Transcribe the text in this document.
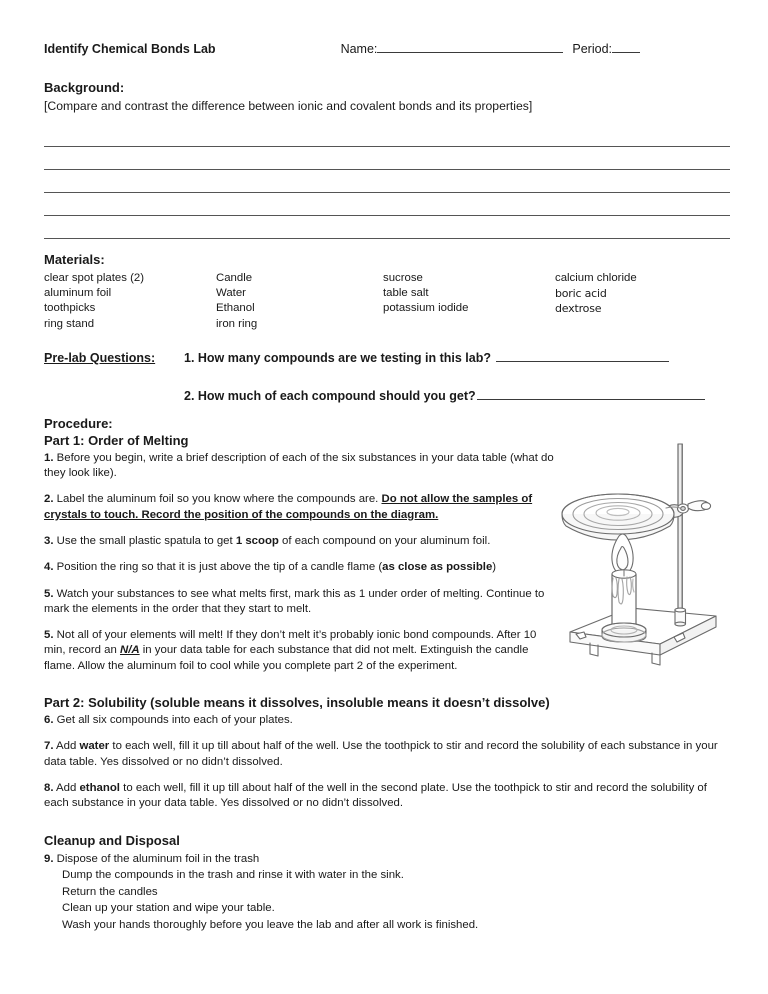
Identify Chemical Bonds Lab	Name:	Period:
Background:
[Compare and contrast the difference between ionic and covalent bonds and its properties]
Materials:
clear spot plates (2)	Candle	sucrose	calcium chloride
aluminum foil	Water	table salt	boric acid
toothpicks	Ethanol	potassium iodide	dextrose
ring stand	iron ring
Pre-lab Questions:	1. How many compounds are we testing in this lab?
2. How much of each compound should you get?
Procedure:
Part 1: Order of Melting
1. Before you begin, write a brief description of each of the six substances in your data table (what do they look like).
2. Label the aluminum foil so you know where the compounds are. Do not allow the samples of crystals to touch. Record the position of the compounds on the diagram.
3. Use the small plastic spatula to get 1 scoop of each compound on your aluminum foil.
4. Position the ring so that it is just above the tip of a candle flame (as close as possible)
5. Watch your substances to see what melts first, mark this as 1 under order of melting. Continue to mark the elements in the order that they start to melt.
5. Not all of your elements will melt! If they don’t melt it’s probably ionic bond compounds. After 10 min, record an N/A in your data table for each substance that did not melt. Extinguish the candle flame. Allow the aluminum foil to cool while you complete part 2 of the experiment.
Part 2: Solubility (soluble means it dissolves, insoluble means it doesn’t dissolve)
6. Get all six compounds into each of your plates.
7. Add water to each well, fill it up till about half of the well. Use the toothpick to stir and record the solubility of each substance in your data table. Yes dissolved or no didn’t dissolved.
8. Add ethanol to each well, fill it up till about half of the well in the second plate. Use the toothpick to stir and record the solubility of each substance in your data table. Yes dissolved or no didn’t dissolved.
Cleanup and Disposal
9. Dispose of the aluminum foil in the trash
Dump the compounds in the trash and rinse it with water in the sink.
Return the candles
Clean up your station and wipe your table.
Wash your hands thoroughly before you leave the lab and after all work is finished.
